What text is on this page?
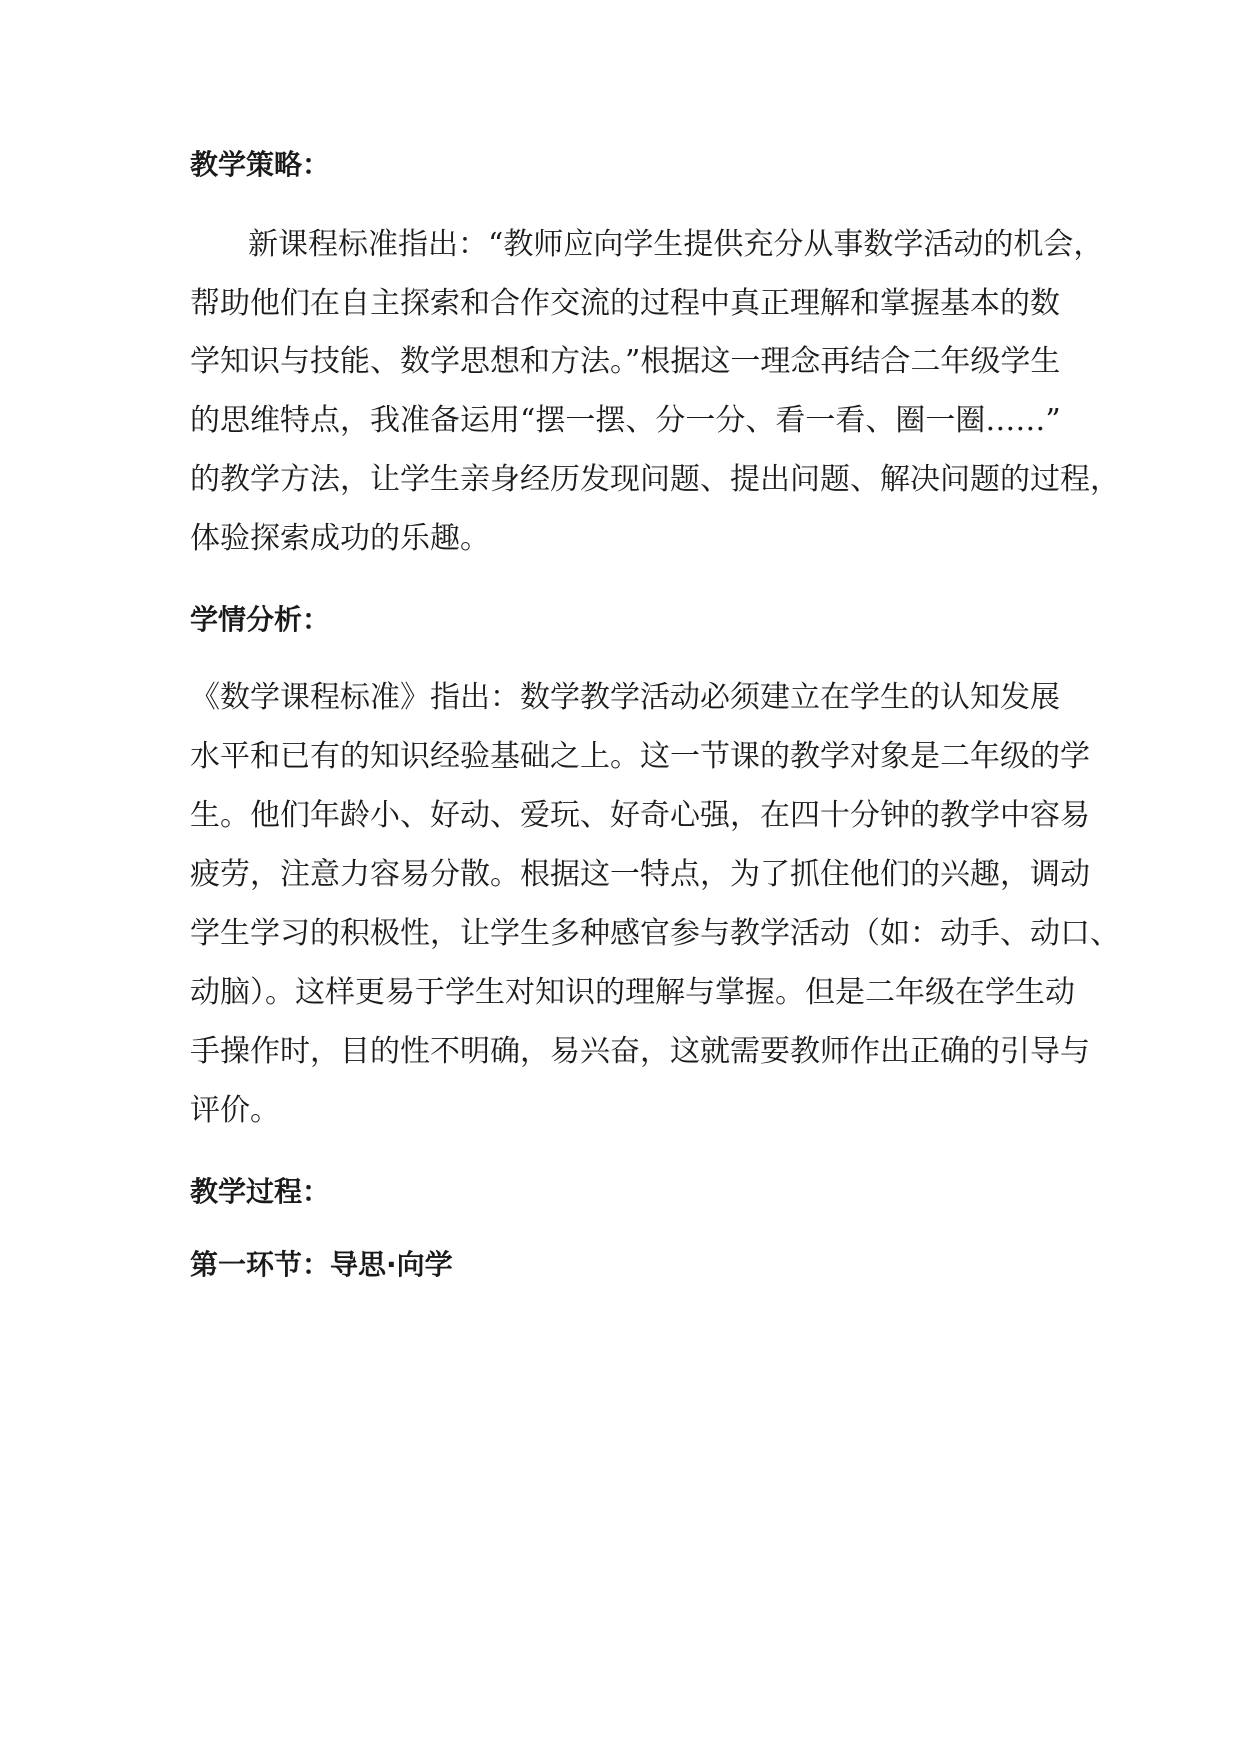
教学策略：
新课程标准指出：“教师应向学生提供充分从事数学活动的机会，
帮助他们在自主探索和合作交流的过程中真正理解和掌握基本的数
学知识与技能、数学思想和方法。”根据这一理念再结合二年级学生
的思维特点，我准备运用“摆一摆、分一分、看一看、圈一圈……”
的教学方法，让学生亲身经历发现问题、提出问题、解决问题的过程，
体验探索成功的乐趣。
学情分析：
《数学课程标准》指出：数学教学活动必须建立在学生的认知发展
水平和已有的知识经验基础之上。这一节课的教学对象是二年级的学
生。他们年龄小、好动、爱玩、好奇心强，在四十分钟的教学中容易
疲劳，注意力容易分散。根据这一特点，为了抓住他们的兴趣，调动
学生学习的积极性，让学生多种感官参与教学活动（如：动手、动口、
动脑）。这样更易于学生对知识的理解与掌握。但是二年级在学生动
手操作时，目的性不明确，易兴奋，这就需要教师作出正确的引导与
评价。
教学过程：
第一环节：导思·向学
